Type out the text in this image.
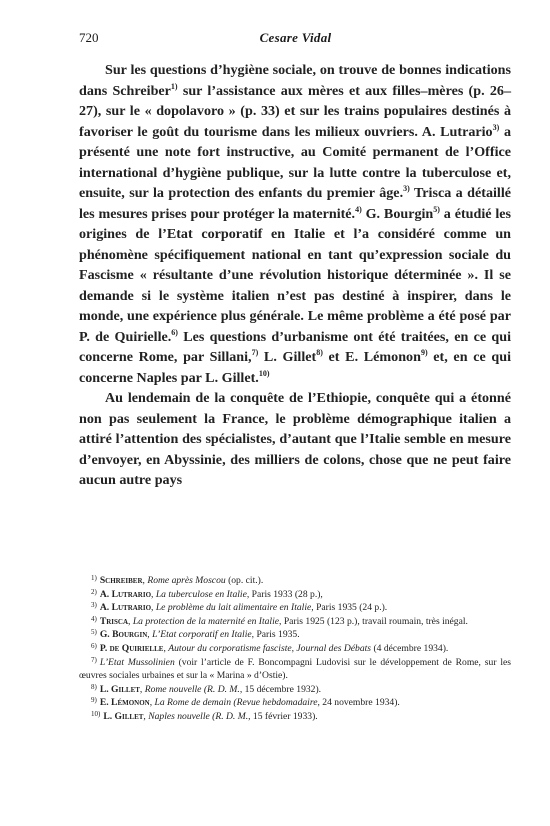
720	Cesare Vidal

Sur les questions d’hygiène sociale, on trouve de bonnes indications dans Schreiber$^{1)}$ sur l’assistance aux mères et aux filles–mères (p. 26–27), sur le « dopolavoro » (p. 33) et sur les trains populaires destinés à favoriser le goût du tourisme dans les milieux ouvriers. A. Lutrario$^{3)}$ a présenté une note fort instructive, au Comité permanent de l’Office international d’hygiène publique, sur la lutte contre la tuberculose et, ensuite, sur la protection des enfants du premier âge.$^{3)}$ Trisca a détaillé les mesures prises pour protéger la maternité.$^{4)}$ G. Bourgin$^{5)}$ a étudié les origines de l’Etat corporatif en Italie et l’a considéré comme un phénomène spécifiquement national en tant qu’expression sociale du Fascisme « résultante d’une révolution historique déterminée ». Il se demande si le système italien n’est pas destiné à inspirer, dans le monde, une expérience plus générale. Le même problème a été posé par P. de Quirielle.$^{6)}$ Les questions d’urbanisme ont été traitées, en ce qui concerne Rome, par Sillani,$^{7)}$ L. Gillet$^{8)}$ et E. Lémonon$^{9)}$ et, en ce qui concerne Naples par L. Gillet.$^{10)}$

Au lendemain de la conquête de l’Ethiopie, conquête qui a étonné non pas seulement la France, le problème démographique italien a attiré l’attention des spécialistes, d’autant que l’Italie semble en mesure d’envoyer, en Abyssinie, des milliers de colons, chose que ne peut faire aucun autre pays

$^{1)}$ Schreiber, Rome après Moscou (op. cit.).

$^{2)}$ A. Lutrario, La tuberculose en Italie, Paris 1933 (28 p.),

$^{3)}$ A. Lutrario, Le problème du lait alimentaire en Italie, Paris 1935 (24 p.).

$^{4)}$ Trisca, La protection de la maternité en Italie, Paris 1925 (123 p.), travail roumain, très inégal.

$^{5)}$ G. Bourgin, L’Etat corporatif en Italie, Paris 1935.

$^{6)}$ P. de Quirielle, Autour du corporatisme fasciste, Journal des Débats (4 décembre 1934).

$^{7)}$ L’Etat Mussolinien (voir l’article de F. Boncompagni Ludovisi sur le développement de Rome, sur les œuvres sociales urbaines et sur la « Marina » d’Ostie).

$^{8)}$ L. Gillet, Rome nouvelle (R. D. M., 15 décembre 1932).

$^{9)}$ E. Lémonon, La Rome de demain (Revue hebdomadaire, 24 novembre 1934).

$^{10)}$ L. Gillet, Naples nouvelle (R. D. M., 15 février 1933).
